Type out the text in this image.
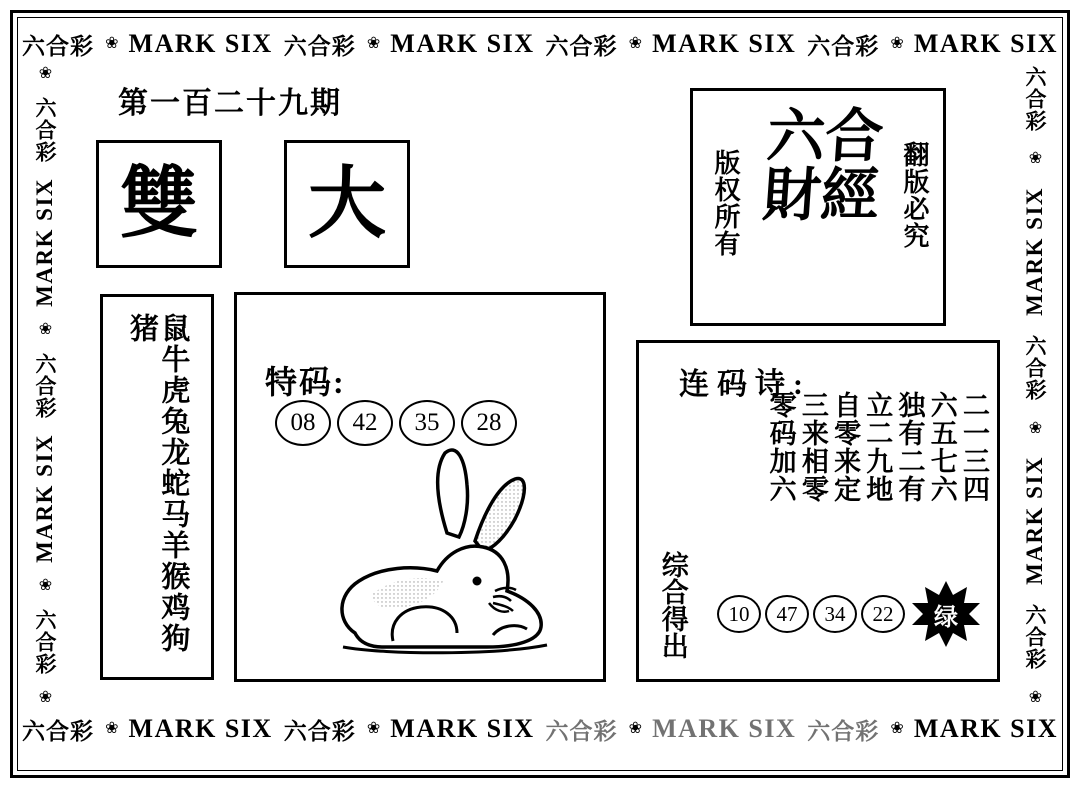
六合彩 ❀ MARK SIX 六合彩 ❀ MARK SIX 六合彩 ❀ MARK SIX 六合彩 ❀ MARK SIX
六合彩 ❀ MARK SIX 六合彩 ❀ MARK SIX 六合彩 ❀ MARK SIX 六合彩 ❀ MARK SIX
❀
六合彩
MARK SIX
❀
六合彩
MARK SIX
❀
六合彩
❀
六合彩
❀
MARK SIX
六合彩
❀
MARK SIX
六合彩
❀
第一百二十九期
雙 大
鼠牛虎兔龙蛇马羊猴鸡狗猪
特码:
08	42	35	28
六合財經
版权所有	翻版必究
连码诗:
二一三四
六五七六
独有二有
立二九地
自零来定
三来相零
零码加六
综合得出	10	47	34	22	绿
